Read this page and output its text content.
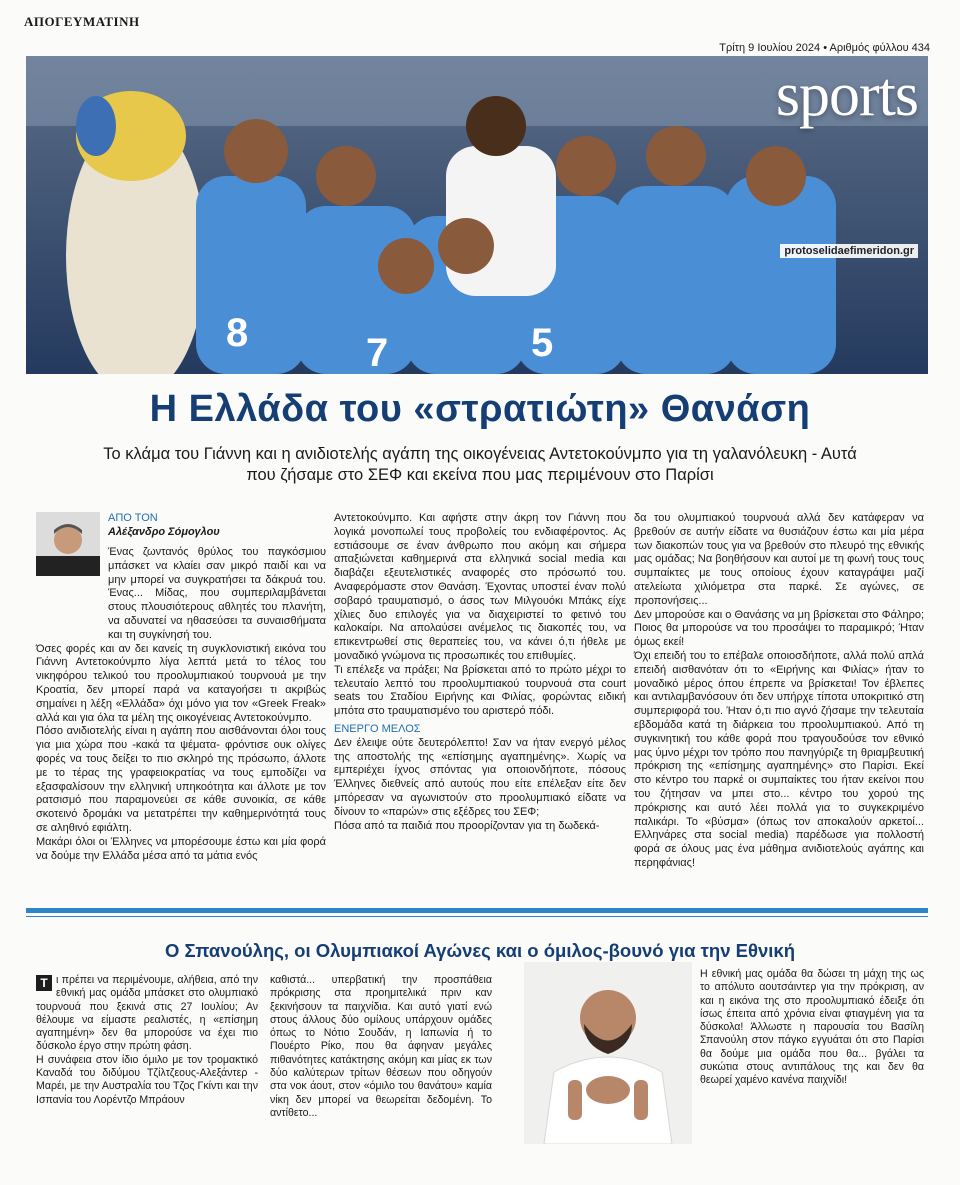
ΑΠΟΓΕΥΜΑΤΙΝΗ
Τρίτη 9 Ιουλίου 2024 • Αριθμός φύλλου 434
8	7	5
sports
protoselidaefimeridon.gr
Η Ελλάδα του «στρατιώτη» Θανάση
Το κλάμα του Γιάννη και η ανιδιοτελής αγάπη της οικογένειας Αντετοκούνμπο για τη γαλανόλευκη - Αυτά που ζήσαμε στο ΣΕΦ και εκείνα που μας περιμένουν στο Παρίσι
ΑΠΟ ΤΟΝ
Αλέξανδρο Σόμογλου

Ένας ζωντανός θρύλος του παγκόσμιου μπάσκετ να κλαίει σαν μικρό παιδί και να μην μπορεί να συγκρατήσει τα δάκρυά του. Ένας... Μίδας, που συμπεριλαμβάνεται στους πλουσιότερους αθλητές του πλανήτη, να αδυνατεί να ηθασεύσει τα συναισθήματα και τη συγκίνησή του.

Όσες φορές και αν δει κανείς τη συγκλονιστική εικόνα του Γιάννη Αντετοκούνμπο λίγα λεπτά μετά το τέλος του νικηφόρου τελικού του προολυμπιακού τουρνουά με την Κροατία, δεν μπορεί παρά να καταγοήσει τι ακριβώς σημαίνει η λέξη «Ελλάδα» όχι μόνο για τον «Greek Freak» αλλά και για όλα τα μέλη της οικογένειας Αντετοκούνμπο.

Πόσο ανιδιοτελής είναι η αγάπη που αισθάνονται όλοι τους για μια χώρα που -κακά τα ψέματα- φρόντισε ουκ ολίγες φορές να τους δείξει το πιο σκληρό της πρόσωπο, άλλοτε με το τέρας της γραφειοκρατίας να τους εμποδίζει να εξασφαλίσουν την ελληνική υπηκοότητα και άλλοτε με τον ρατσισμό που παραμονεύει σε κάθε συνοικία, σε κάθε σκοτεινό δρομάκι να μετατρέπει την καθημερινότητά τους σε αληθινό εφιάλτη.

Μακάρι όλοι οι Έλληνες να μπορέσουμε έστω και μία φορά να δούμε την Ελλάδα μέσα από τα μάτια ενός

Αντετοκούνμπο. Και αφήστε στην άκρη τον Γιάννη που λογικά μονοπωλεί τους προβολείς του ενδιαφέροντος. Ας εστιάσουμε σε έναν άνθρωπο που ακόμη και σήμερα απαξιώνεται καθημερινά στα ελληνικά social media και διαβάζει εξευτελιστικές αναφορές στο πρόσωπό του. Αναφερόμαστε στον Θανάση. Έχοντας υποστεί έναν πολύ σοβαρό τραυματισμό, ο άσος των Μιλγουόκι Μπάκς είχε χίλιες δυο επιλογές για να διαχειριστεί το φετινό του καλοκαίρι. Να απολαύσει ανέμελος τις διακοπές του, να επικεντρωθεί στις θεραπείες του, να κάνει ό,τι ήθελε με μοναδικό γνώμονα τις προσωπικές του επιθυμίες.

Τι επέλεξε να πράξει; Να βρίσκεται από το πρώτο μέχρι το τελευταίο λεπτό του προολυμπιακού τουρνουά στα court seats του Σταδίου Ειρήνης και Φιλίας, φορώντας ειδική μπότα στο τραυματισμένο του αριστερό πόδι.

ΕΝΕΡΓΟ ΜΕΛΟΣ

Δεν έλειψε ούτε δευτερόλεπτο! Σαν να ήταν ενεργό μέλος της αποστολής της «επίσημης αγαπημένης». Χωρίς να εμπεριέχει ίχνος σπόντας για οποιονδήποτε, πόσους Έλληνες διεθνείς από αυτούς που είτε επέλεξαν είτε δεν μπόρεσαν να αγωνιστούν στο προολυμπιακό είδατε να δίνουν το «παρών» στις εξέδρες του ΣΕΦ;

Πόσα από τα παιδιά που προορίζονταν για τη δωδεκά-

δα του ολυμπιακού τουρνουά αλλά δεν κατάφεραν να βρεθούν σε αυτήν είδατε να θυσιάζουν έστω και μία μέρα των διακοπών τους για να βρεθούν στο πλευρό της εθνικής μας ομάδας; Να βοηθήσουν και αυτοί με τη φωνή τους τους συμπαίκτες με τους οποίους έχουν καταγράψει μαζί ατελείωτα χιλιόμετρα στα παρκέ. Σε αγώνες, σε προπονήσεις...

Δεν μπορούσε και ο Θανάσης να μη βρίσκεται στο Φάληρο; Ποιος θα μπορούσε να του προσάψει το παραμικρό; Ήταν όμως εκεί!

Όχι επειδή του το επέβαλε οποιοσδήποτε, αλλά πολύ απλά επειδή αισθανόταν ότι το «Ειρήνης και Φιλίας» ήταν το μοναδικό μέρος όπου έπρεπε να βρίσκεται! Τον έβλεπες και αντιλαμβανόσουν ότι δεν υπήρχε τίποτα υποκριτικό στη συμπεριφορά του. Ήταν ό,τι πιο αγνό ζήσαμε την τελευταία εβδομάδα κατά τη διάρκεια του προολυμπιακού. Από τη συγκινητική του κάθε φορά που τραγουδούσε τον εθνικό μας ύμνο μέχρι τον τρόπο που πανηγύριζε τη θριαμβευτική πρόκριση της «επίσημης αγαπημένης» στο Παρίσι. Εκεί στο κέντρο του παρκέ οι συμπαίκτες του ήταν εκείνοι που του ζήτησαν να μπει στο... κέντρο του χορού της πρόκρισης και αυτό λέει πολλά για το συγκεκριμένο παλικάρι. Το «βύσμα» (όπως τον αποκαλούν αρκετοί... Ελληνάρες στα social media) παρέδωσε για πολλοστή φορά σε όλους μας ένα μάθημα ανιδιοτελούς αγάπης και περηφάνιας!

Ο Σπανούλης, οι Ολυμπιακοί Αγώνες και ο όμιλος-βουνό για την Εθνική

Τ ι πρέπει να περιμένουμε, αλήθεια, από την εθνική μας ομάδα μπάσκετ στο ολυμπιακό τουρνουά που ξεκινά στις 27 Ιουλίου; Αν θέλουμε να είμαστε ρεαλιστές, η «επίσημη αγαπημένη» δεν θα μπορούσε να έχει πιο δύσκολο έργο στην πρώτη φάση.

Η συνάφεια στον ίδιο όμιλο με τον τρομακτικό Καναδά του διδύμου Τζίλτζεους-Αλεξάντερ - Μαρέι, με την Αυστραλία του Τζος Γκίντι και την Ισπανία του Λορέντζο Μπράουν

καθιστά... υπερβατική την προσπάθεια πρόκρισης στα προημιτελικά πριν καν ξεκινήσουν τα παιχνίδια. Και αυτό γιατί ενώ στους άλλους δύο ομίλους υπάρχουν ομάδες όπως το Νότιο Σουδάν, η Ιαπωνία ή το Πουέρτο Ρίκο, που θα άφηναν μεγάλες πιθανότητες κατάκτησης ακόμη και μίας εκ των δύο καλύτερων τρίτων θέσεων που οδηγούν στα νοκ άουτ, στον «όμιλο του θανάτου» καμία νίκη δεν μπορεί να θεωρείται δεδομένη. Το αντίθετο...

Η εθνική μας ομάδα θα δώσει τη μάχη της ως το απόλυτο αουτσάιντερ για την πρόκριση, αν και η εικόνα της στο προολυμπιακό έδειξε ότι ίσως έπειτα από χρόνια είναι φτιαγμένη για τα δύσκολα! Άλλωστε η παρουσία του Βασίλη Σπανούλη στον πάγκο εγγυάται ότι στο Παρίσι θα δούμε μια ομάδα που θα... βγάλει τα συκώτια στους αντιπάλους της και δεν θα θεωρεί χαμένο κανένα παιχνίδι!
